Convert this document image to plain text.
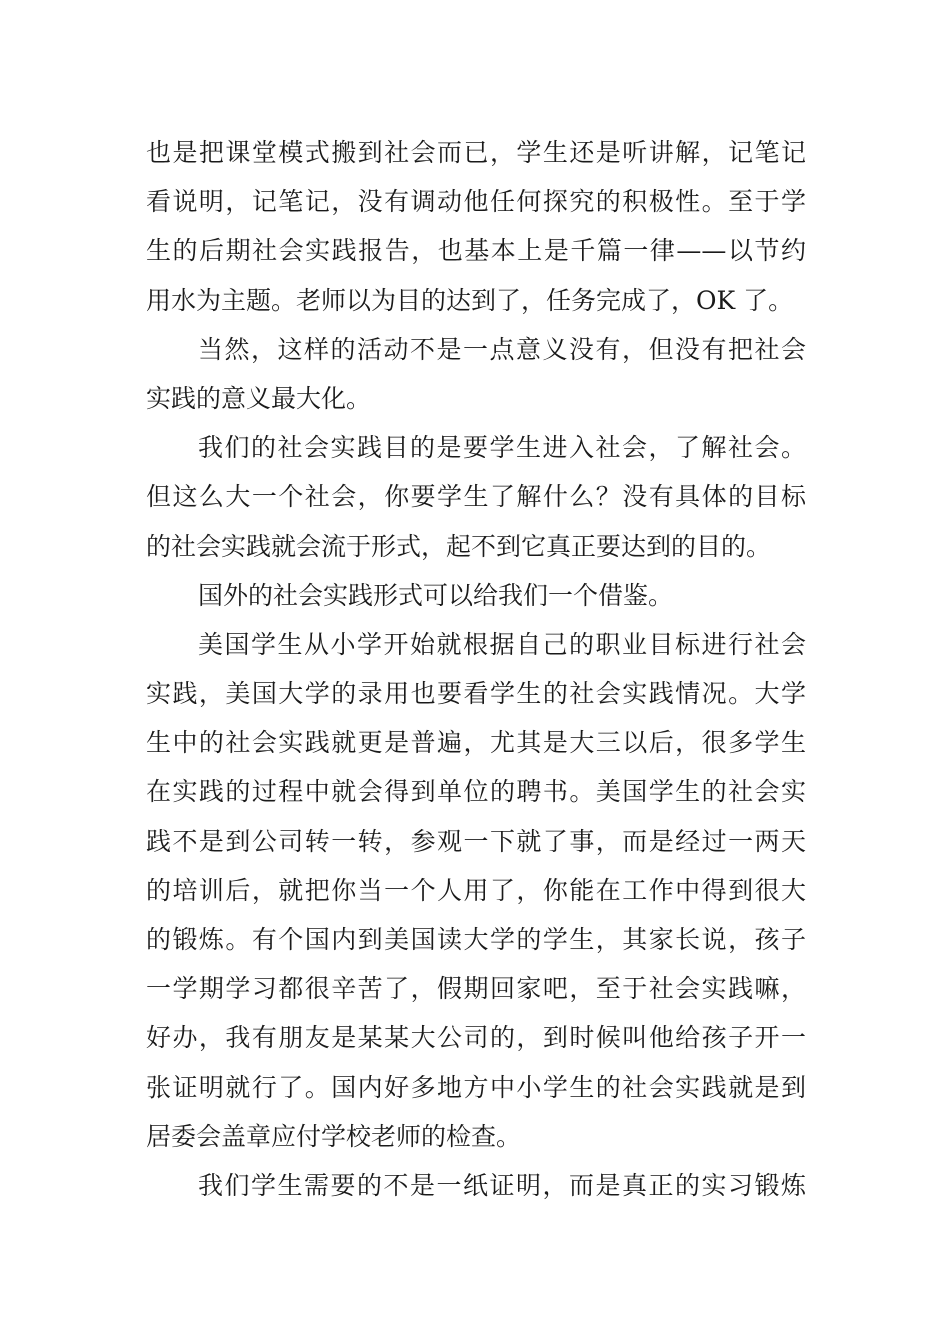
也是把课堂模式搬到社会而已，学生还是听讲解，记笔记
看说明，记笔记，没有调动他任何探究的积极性。至于学
生的后期社会实践报告，也基本上是千篇一律——以节约
用水为主题。老师以为目的达到了，任务完成了，OK 了。
当然，这样的活动不是一点意义没有，但没有把社会
实践的意义最大化。
我们的社会实践目的是要学生进入社会，了解社会。
但这么大一个社会，你要学生了解什么？没有具体的目标
的社会实践就会流于形式，起不到它真正要达到的目的。
国外的社会实践形式可以给我们一个借鉴。
美国学生从小学开始就根据自己的职业目标进行社会
实践，美国大学的录用也要看学生的社会实践情况。大学
生中的社会实践就更是普遍，尤其是大三以后，很多学生
在实践的过程中就会得到单位的聘书。美国学生的社会实
践不是到公司转一转，参观一下就了事，而是经过一两天
的培训后，就把你当一个人用了，你能在工作中得到很大
的锻炼。有个国内到美国读大学的学生，其家长说，孩子
一学期学习都很辛苦了，假期回家吧，至于社会实践嘛，
好办，我有朋友是某某大公司的，到时候叫他给孩子开一
张证明就行了。国内好多地方中小学生的社会实践就是到
居委会盖章应付学校老师的检查。
我们学生需要的不是一纸证明，而是真正的实习锻炼
